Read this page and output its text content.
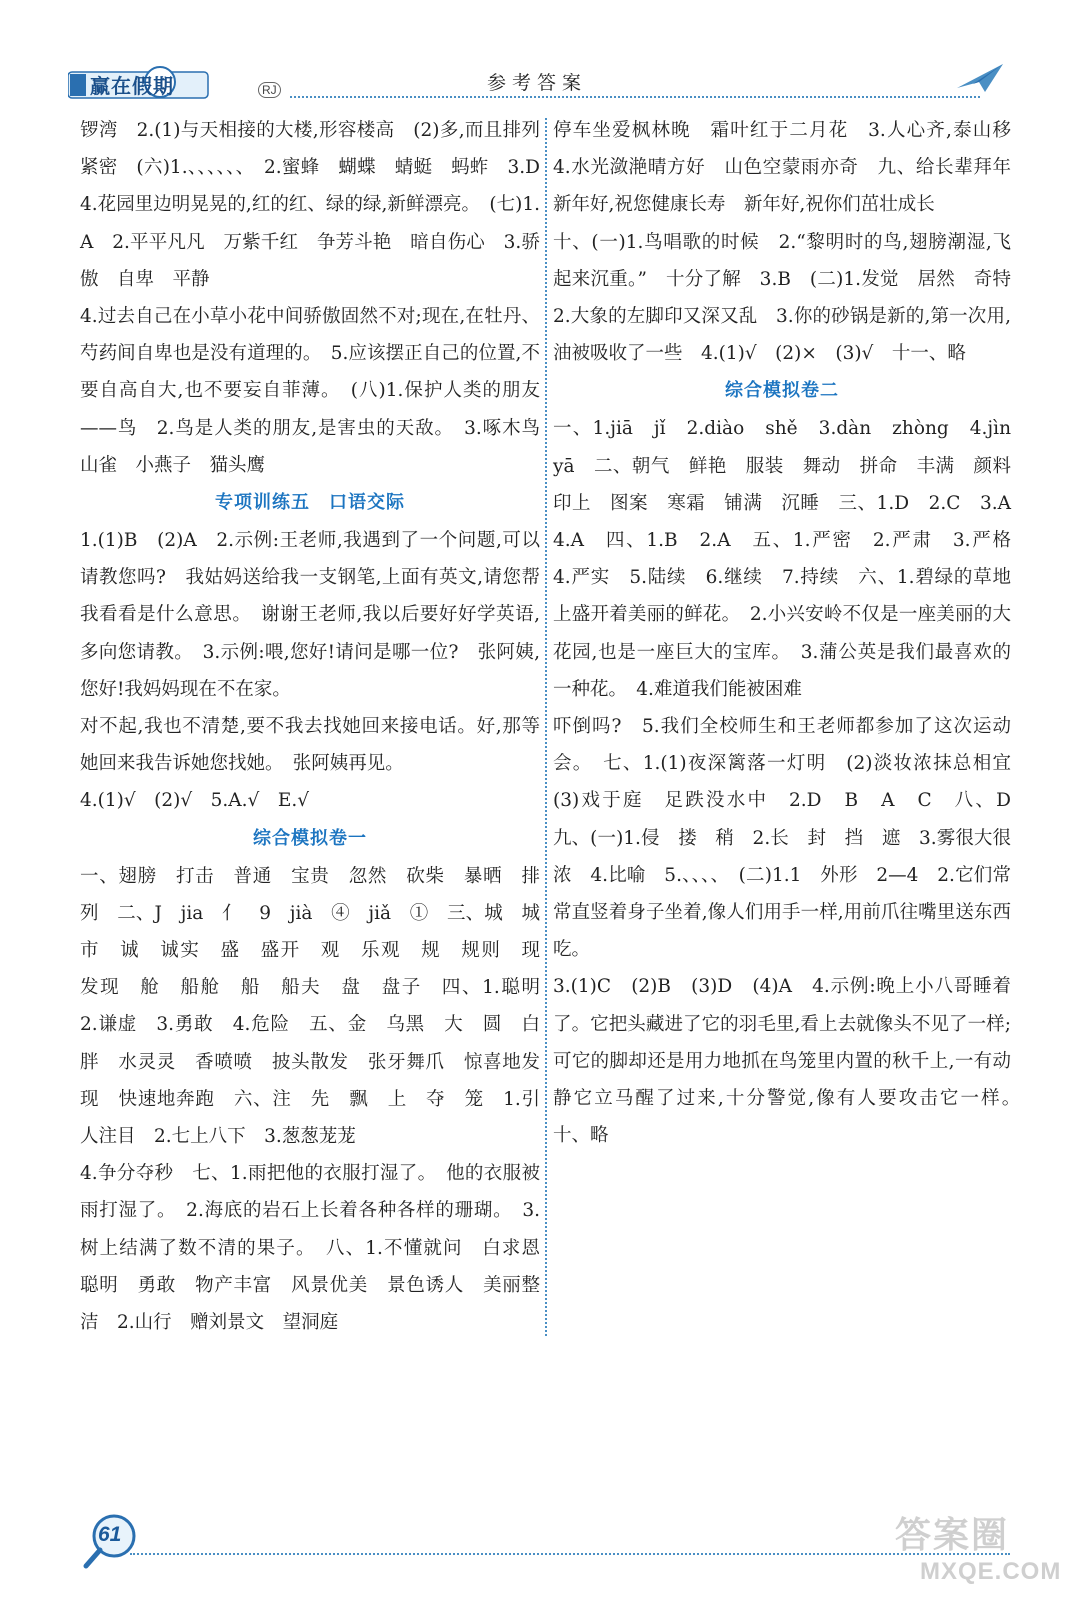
赢在假期	RJ	参考答案

锣湾　2.(1)与天相接的大楼,形容楼高　(2)多,而且排列紧密　(六)1.、、、、、、　2.蜜蜂　蝴蝶　蜻蜓　蚂蚱　3.D　4.花园里边明晃晃的,红的红、绿的绿,新鲜漂亮。　(七)1.A　2.平平凡凡　万紫千红　争芳斗艳　暗自伤心　3.骄傲　自卑　平静

4.过去自己在小草小花中间骄傲固然不对;现在,在牡丹、芍药间自卑也是没有道理的。　5.应该摆正自己的位置,不要自高自大,也不要妄自菲薄。　(八)1.保护人类的朋友——鸟　2.鸟是人类的朋友,是害虫的天敌。　3.啄木鸟　山雀　小燕子　猫头鹰

专项训练五　口语交际

1.(1)B　(2)A　2.示例:王老师,我遇到了一个问题,可以请教您吗?　我姑妈送给我一支钢笔,上面有英文,请您帮我看看是什么意思。　谢谢王老师,我以后要好好学英语,多向您请教。　3.示例:喂,您好!请问是哪一位?　张阿姨,您好!我妈妈现在不在家。

对不起,我也不清楚,要不我去找她回来接电话。好,那等她回来我告诉她您找她。　张阿姨再见。

4.(1)√　(2)√　5.A.√　E.√

综合模拟卷一

一、翅膀　打击　普通　宝贵　忽然　砍柴　暴晒　排列　二、J　jia　亻　9　jià　④　jiǎ　①　三、城　城市　诚　诚实　盛　盛开　观　乐观　规　规则　现　发现　舱　船舱　船　船夫　盘　盘子　四、1.聪明　2.谦虚　3.勇敢　4.危险　五、金　乌黑　大　圆　白　胖　水灵灵　香喷喷　披头散发　张牙舞爪　惊喜地发现　快速地奔跑　六、注　先　飘　上　夺　笼　1.引人注目　2.七上八下　3.葱葱茏茏

4.争分夺秒　七、1.雨把他的衣服打湿了。　他的衣服被雨打湿了。　2.海底的岩石上长着各种各样的珊瑚。　3.树上结满了数不清的果子。　八、1.不懂就问　白求恩　聪明　勇敢　物产丰富　风景优美　景色诱人　美丽整洁　2.山行　赠刘景文　望洞庭

停车坐爱枫林晚　霜叶红于二月花　3.人心齐,泰山移　4.水光潋滟晴方好　山色空蒙雨亦奇　九、给长辈拜年　新年好,祝您健康长寿　新年好,祝你们茁壮成长

十、(一)1.鸟唱歌的时候　2.“黎明时的鸟,翅膀潮湿,飞起来沉重。”　十分了解　3.B　(二)1.发觉　居然　奇特　2.大象的左脚印又深又乱　3.你的砂锅是新的,第一次用,油被吸收了一些　4.(1)√　(2)×　(3)√　十一、略

综合模拟卷二

一、1.jiā　jǐ　2.diào　shě　3.dàn　zhòng　4.jìn　yā　二、朝气　鲜艳　服装　舞动　拼命　丰满　颜料　印上　图案　寒霜　铺满　沉睡　三、1.D　2.C　3.A　4.A　四、1.B　2.A　五、1.严密　2.严肃　3.严格　4.严实　5.陆续　6.继续　7.持续　六、1.碧绿的草地上盛开着美丽的鲜花。　2.小兴安岭不仅是一座美丽的大花园,也是一座巨大的宝库。　3.蒲公英是我们最喜欢的一种花。　4.难道我们能被困难

吓倒吗?　5.我们全校师生和王老师都参加了这次运动会。　七、1.(1)夜深篱落一灯明　(2)淡妆浓抹总相宜　(3)戏于庭　足跌没水中　2.D　B　A　C　八、D　九、(一)1.侵　搂　稍　2.长　封　挡　遮　3.雾很大很浓　4.比喻　5.、、、、　(二)1.1　外形　2—4　2.它们常常直竖着身子坐着,像人们用手一样,用前爪往嘴里送东西吃。

3.(1)C　(2)B　(3)D　(4)A　4.示例:晚上小八哥睡着了。它把头藏进了它的羽毛里,看上去就像头不见了一样;可它的脚却还是用力地抓在鸟笼里内置的秋千上,一有动静它立马醒了过来,十分警觉,像有人要攻击它一样。　十、略

61	答案圈
MXQE.COM
